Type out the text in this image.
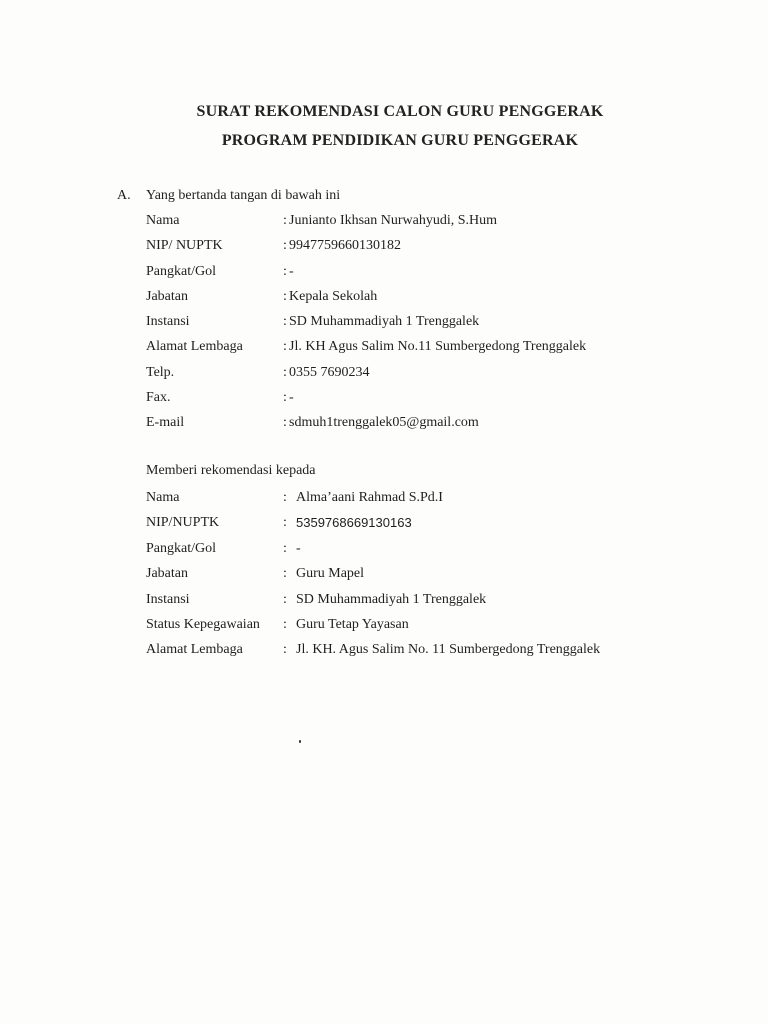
SURAT REKOMENDASI CALON GURU PENGGERAK
PROGRAM PENDIDIKAN GURU PENGGERAK
A. Yang bertanda tangan di bawah ini
Nama	: Junianto Ikhsan Nurwahyudi, S.Hum
NIP/ NUPTK	: 9947759660130182
Pangkat/Gol	: -
Jabatan	: Kepala Sekolah
Instansi	: SD Muhammadiyah 1 Trenggalek
Alamat Lembaga	: Jl. KH Agus Salim No.11 Sumbergedong Trenggalek
Telp.	: 0355 7690234
Fax.	: -
E-mail	: sdmuh1trenggalek05@gmail.com
Memberi rekomendasi kepada
Nama	: Alma’aani Rahmad S.Pd.I
NIP/NUPTK	: 5359768669130163
Pangkat/Gol	: -
Jabatan	: Guru Mapel
Instansi	: SD Muhammadiyah 1 Trenggalek
Status Kepegawaian : Guru Tetap Yayasan
Alamat Lembaga	: Jl. KH. Agus Salim No. 11 Sumbergedong Trenggalek
